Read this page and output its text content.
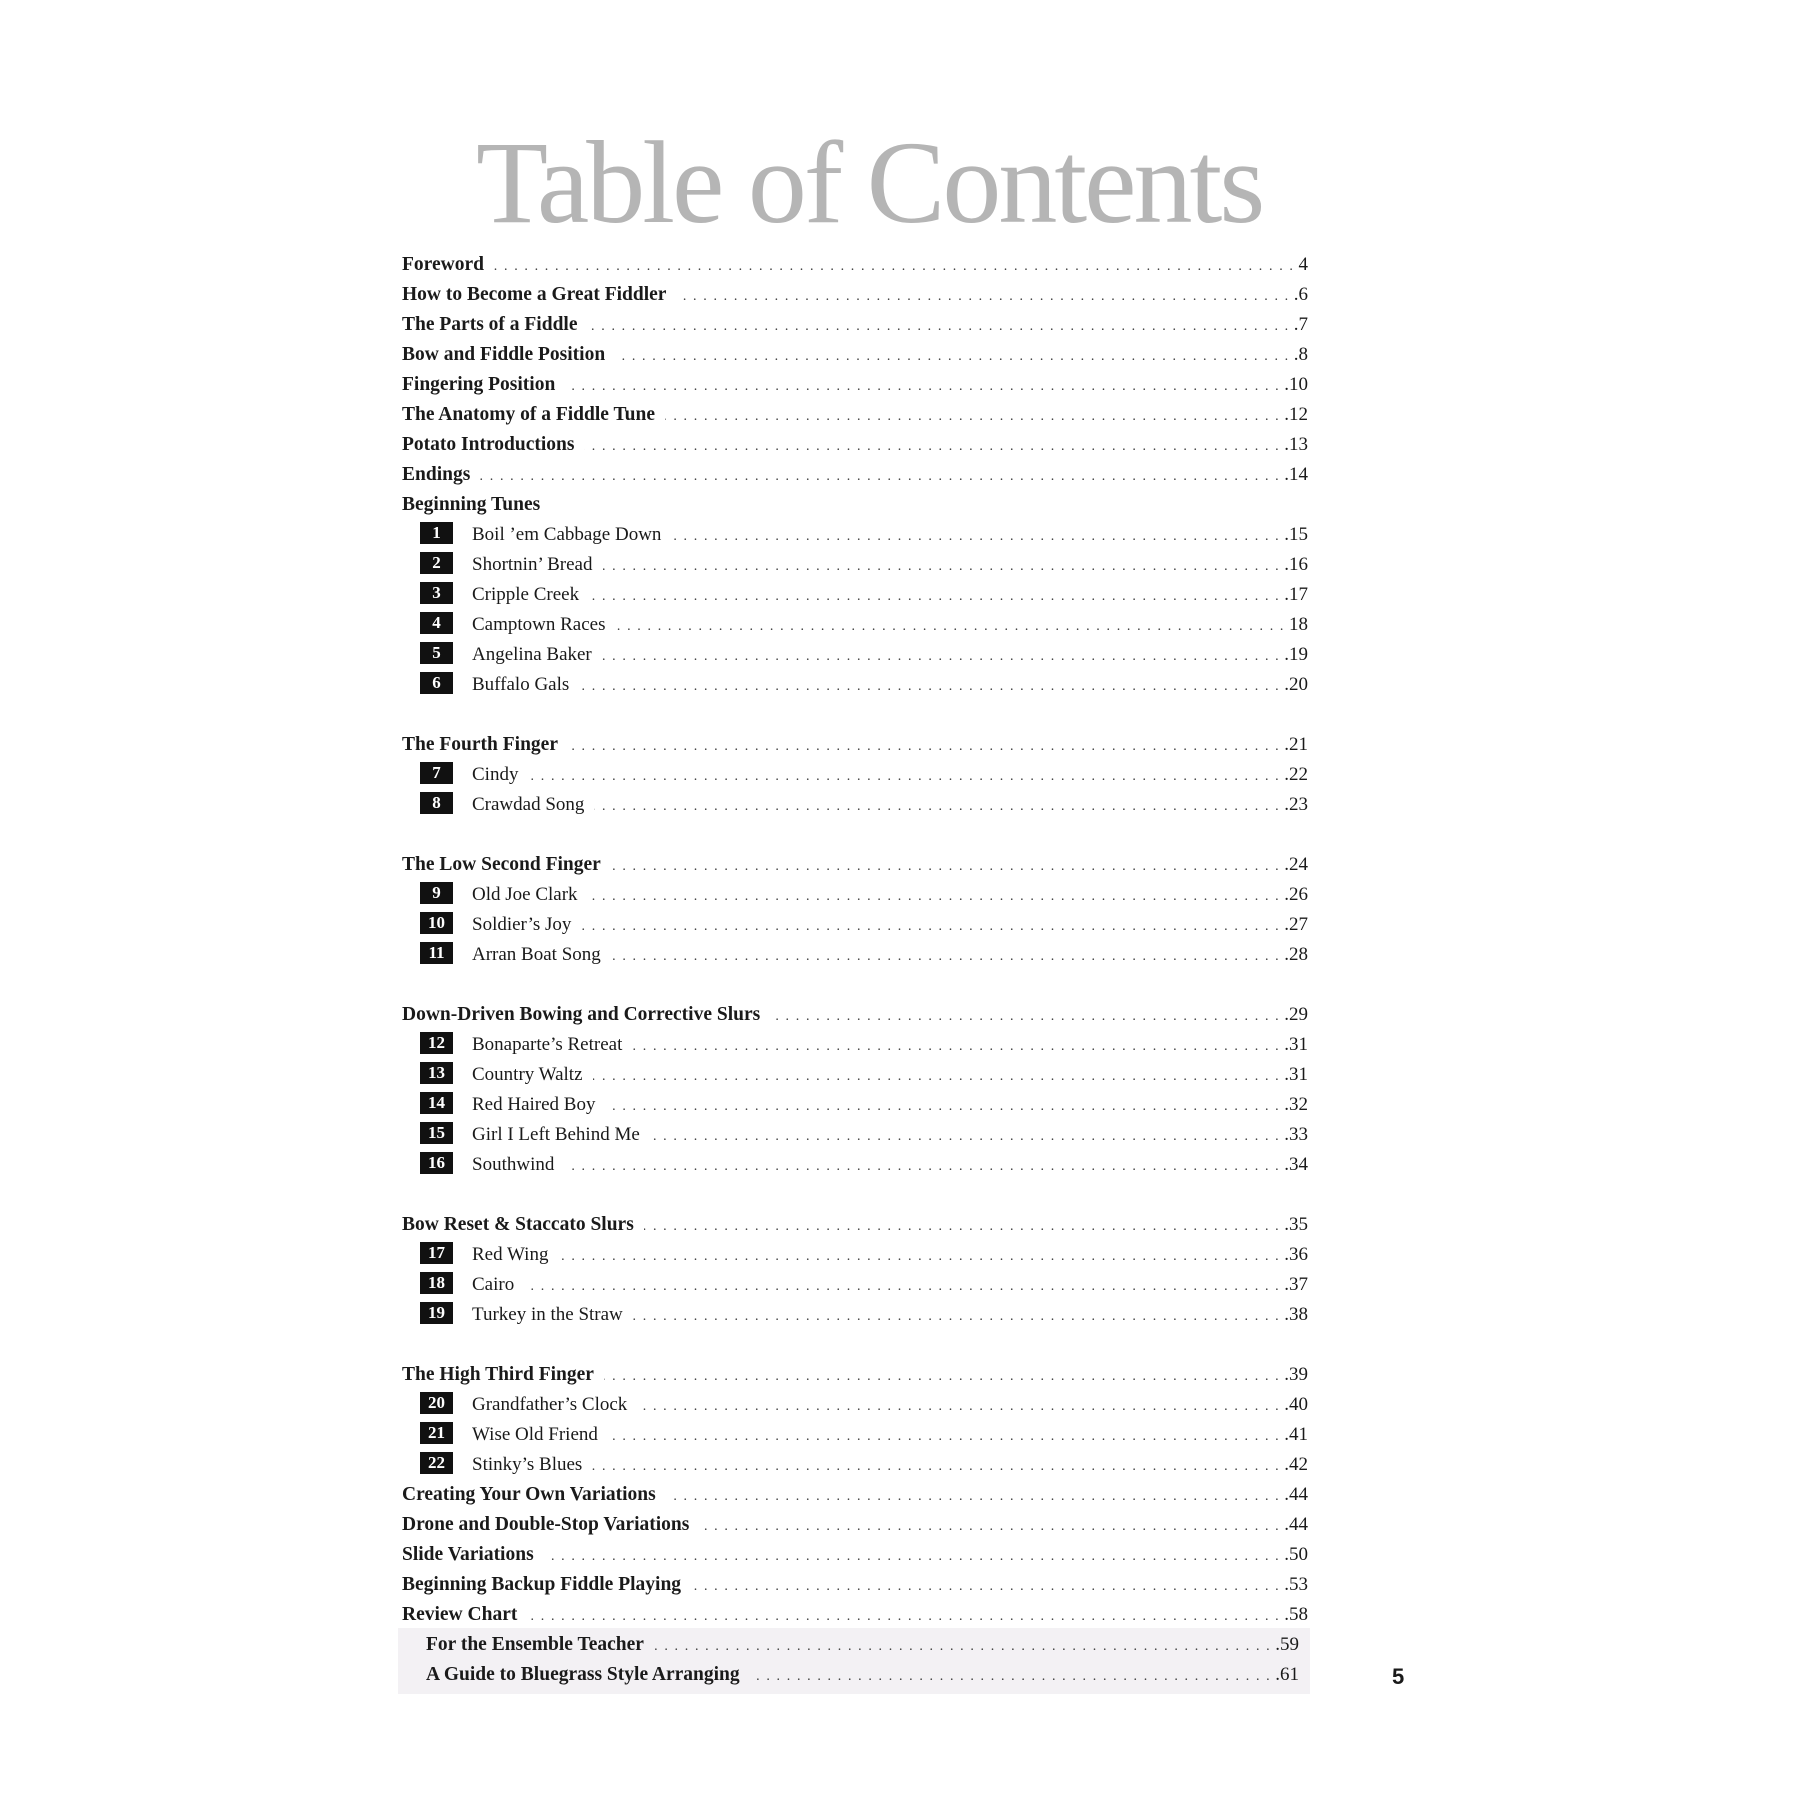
Table of Contents
Foreword . . .	4
How to Become a Great Fiddler . . .	.6
The Parts of a Fiddle . . .	.7
Bow and Fiddle Position . . .	.8
Fingering Position . . .	.10
The Anatomy of a Fiddle Tune . . .	.12
Potato Introductions . . .	.13
Endings . . .	.14
Beginning Tunes
1	Boil ’em Cabbage Down . . .	.15
2	Shortnin’ Bread . . .	.16
3	Cripple Creek . . .	.17
4	Camptown Races . . .	18
5	Angelina Baker . . .	.19
6	Buffalo Gals . . .	.20
The Fourth Finger . . .	.21
7	Cindy . . .	.22
8	Crawdad Song . . .	.23
The Low Second Finger . . .	.24
9	Old Joe Clark . . .	.26
10	Soldier’s Joy . . .	.27
11	Arran Boat Song . . .	.28
Down-Driven Bowing and Corrective Slurs . . .	.29
12	Bonaparte’s Retreat . . .	.31
13	Country Waltz . . .	.31
14	Red Haired Boy . . .	.32
15	Girl I Left Behind Me . . .	.33
16	Southwind . . .	.34
Bow Reset & Staccato Slurs . . .	.35
17	Red Wing . . .	.36
18	Cairo . . .	.37
19	Turkey in the Straw . . .	.38
The High Third Finger . . .	.39
20	Grandfather’s Clock . . .	.40
21	Wise Old Friend . . .	.41
22	Stinky’s Blues . . .	.42
Creating Your Own Variations . . .	.44
Drone and Double-Stop Variations . . .	.44
Slide Variations . . .	.50
Beginning Backup Fiddle Playing . . .	.53
Review Chart . . .	.58
For the Ensemble Teacher . . .	.59
A Guide to Bluegrass Style Arranging . . .	.61	5
